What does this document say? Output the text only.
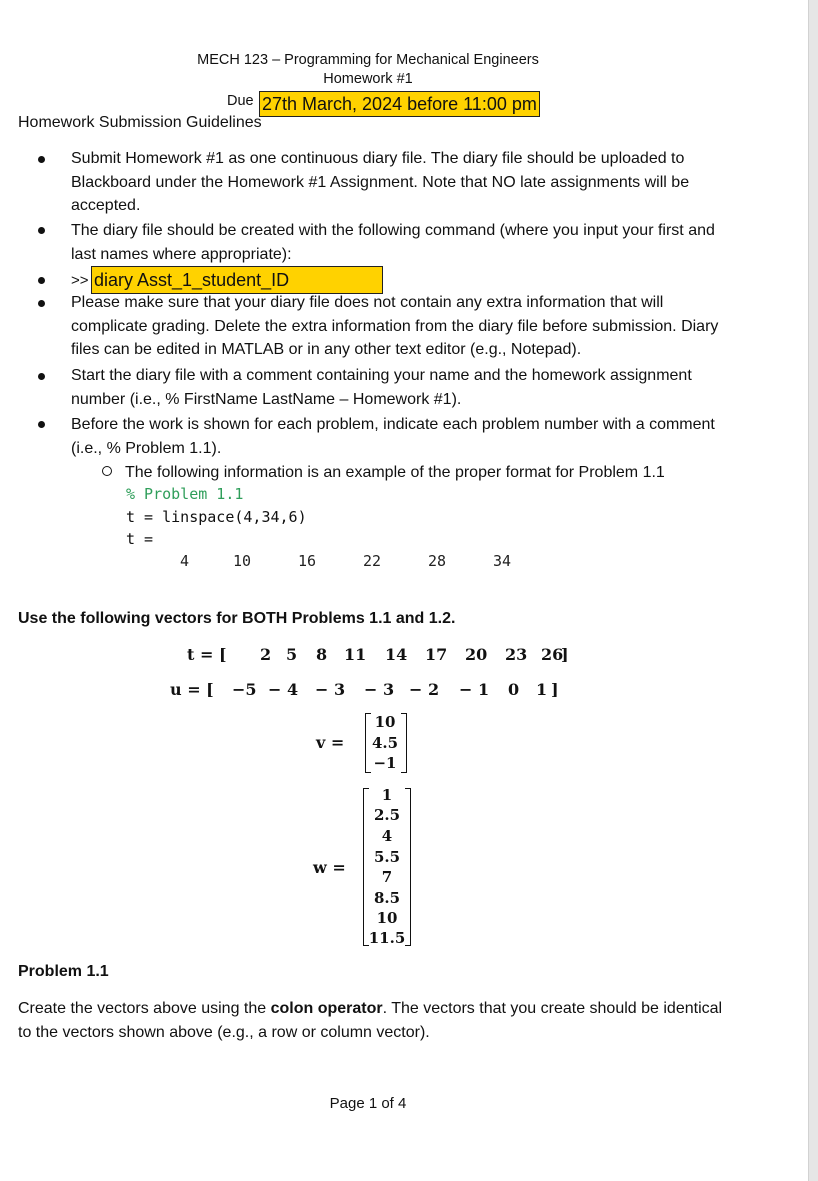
MECH 123 – Programming for Mechanical Engineers
Homework #1
Due 27th March, 2024 before 11:00 pm
Homework Submission Guidelines
Submit Homework #1 as one continuous diary file. The diary file should be uploaded to Blackboard under the Homework #1 Assignment. Note that NO late assignments will be accepted.
The diary file should be created with the following command (where you input your first and last names where appropriate):
>> diary Asst_1_student_ID
Please make sure that your diary file does not contain any extra information that will complicate grading. Delete the extra information from the diary file before submission. Diary files can be edited in MATLAB or in any other text editor (e.g., Notepad).
Start the diary file with a comment containing your name and the homework assignment number (i.e., % FirstName LastName – Homework #1).
Before the work is shown for each problem, indicate each problem number with a comment (i.e., % Problem 1.1).
The following information is an example of the proper format for Problem 1.1
% Problem 1.1
t = linspace(4,34,6)
t =
4	10	16	22	28	34
Use the following vectors for BOTH Problems 1.1 and 1.2.
t = [ 2 5 8 11 14 17 20 23 26
]
u = [ −5 − 4 − 3 − 3 − 2 − 1 0 1 ]
v =
10
4.5
−1
w =
1
2.5
4
5.5
7
8.5
10
11.5
Problem 1.1
Create the vectors above using the colon operator. The vectors that you create should be identical to the vectors shown above (e.g., a row or column vector).
Page 1 of 4
